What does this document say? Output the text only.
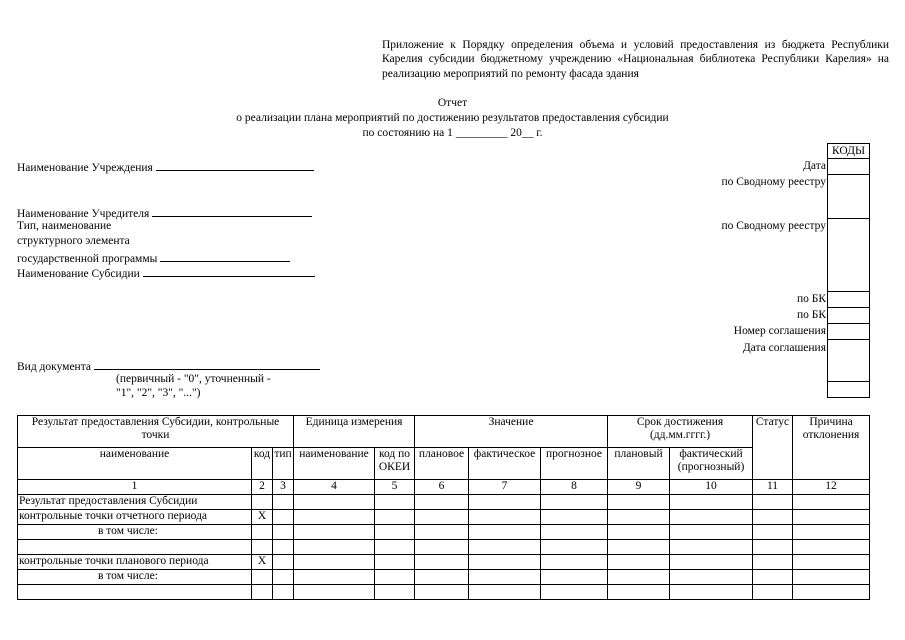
Приложение к Порядку определения объема и условий предоставления из бюджета Республики Карелия субсидии бюджетному учреждению «Национальная библиотека Республики Карелия» на реализацию мероприятий по ремонту фасада здания
Отчет
о реализации плана мероприятий по достижению результатов предоставления субсидии
по состоянию на 1 _________ 20__ г.
Наименование Учреждения
Наименование Учредителя
Тип, наименование
структурного элемента
государственной программы
Наименование Субсидии
Вид документа
(первичный - "0", уточненный -
"1", "2", "3", "...")
Дата
по Сводному реестру
по Сводному реестру
по БК
по БК
Номер соглашения
Дата соглашения
КОДЫ
Результат предоставления Субсидии, контрольные точки			Единица измерения		Значение			Срок достижения (дд.мм.гггг.)		Статус	Причина отклонения
наименование	код	тип	наименование	код по ОКЕИ	плановое	фактическое	прогнозное	плановый	фактический (прогнозный)		
1	2	3	4	5	6	7	8	9	10	11	12
Результат предоставления Субсидии											
контрольные точки отчетного периода	X										
в том числе:											

контрольные точки планового периода	X										
в том числе:											
